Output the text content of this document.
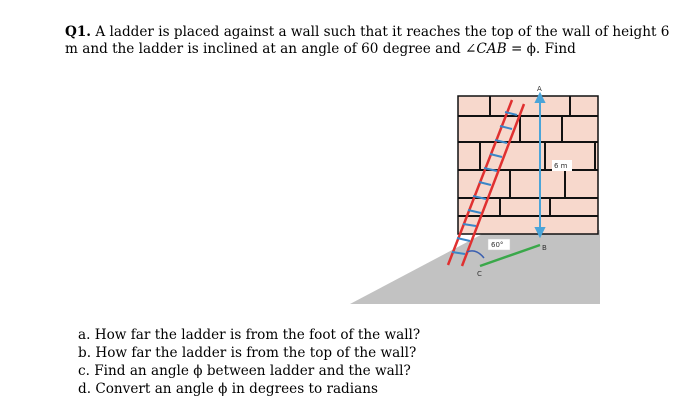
Q1. A ladder is placed against a wall such that it reaches the top of the wall of height 6 m and the ladder is inclined at an angle of 60 degree and ∠CAB = ϕ. Find
A
B
C
6 m
60°
a. How far the ladder is from the foot of the wall?
b. How far the ladder is from the top of the wall?
c. Find an angle ϕ between ladder and the wall?
d. Convert an angle ϕ in degrees to radians
